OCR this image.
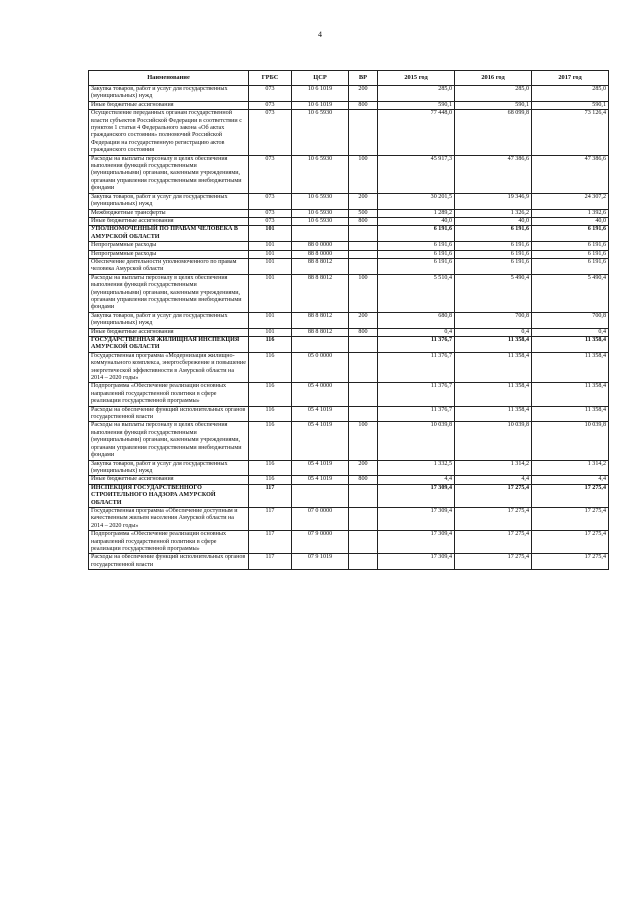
4
Наименование	ГРБС	ЦСР	ВР	2015 год	2016 год	2017 год
Закупка товаров, работ и услуг для государственных (муниципальных) нужд	073	10 6 1019	200	285,0	285,0	285,0
Иные бюджетные ассигнования	073	10 6 1019	800	590,1	590,1	590,1
Осуществление переданных органам государственной власти субъектов Российской Федерации в соответствии с пунктом 1 статьи 4 Федерального закона «Об актах гражданского состояния» полномочий Российской Федерации на государственную регистрацию актов гражданского состояния	073	10 6 5930		77 448,0	68 099,8	73 126,4
Расходы на выплаты персоналу в целях обеспечения выполнения функций государственными (муниципальными) органами, казенными учреждениями, органами управления государственными внебюджетными фондами	073	10 6 5930	100	45 917,3	47 386,6	47 386,6
Закупка товаров, работ и услуг для государственных (муниципальных) нужд	073	10 6 5930	200	30 201,5	19 346,9	24 307,2
Межбюджетные трансферты	073	10 6 5930	500	1 289,2	1 326,2	1 392,6
Иные бюджетные ассигнования	073	10 6 5930	800	40,0	40,0	40,0
УПОЛНОМОЧЕННЫЙ ПО ПРАВАМ ЧЕЛОВЕКА В АМУРСКОЙ ОБЛАСТИ	101			6 191,6	6 191,6	6 191,6
Непрограммные расходы	101	88 0 0000		6 191,6	6 191,6	6 191,6
Непрограммные расходы	101	88 8 0000		6 191,6	6 191,6	6 191,6
Обеспечение деятельности уполномоченного по правам человека Амурской области	101	88 8 8012		6 191,6	6 191,6	6 191,6
Расходы на выплаты персоналу в целях обеспечения выполнения функций государственными (муниципальными) органами, казенными учреждениями, органами управления государственными внебюджетными фондами	101	88 8 8012	100	5 510,4	5 490,4	5 490,4
Закупка товаров, работ и услуг для государственных (муниципальных) нужд	101	88 8 8012	200	680,8	700,8	700,8
Иные бюджетные ассигнования	101	88 8 8012	800	0,4	0,4	0,4
ГОСУДАРСТВЕННАЯ ЖИЛИЩНАЯ ИНСПЕКЦИЯ АМУРСКОЙ ОБЛАСТИ	116			11 376,7	11 358,4	11 358,4
Государственная программа «Модернизация жилищно-коммунального комплекса, энергосбережение и повышение энергетической эффективности в Амурской области на 2014 – 2020 годы»	116	05 0 0000		11 376,7	11 358,4	11 358,4
Подпрограмма «Обеспечение реализации основных направлений государственной политики в сфере реализации государственной программы»	116	05 4 0000		11 376,7	11 358,4	11 358,4
Расходы на обеспечение функций исполнительных органов государственной власти	116	05 4 1019		11 376,7	11 358,4	11 358,4
Расходы на выплаты персоналу в целях обеспечения выполнения функций государственными (муниципальными) органами, казенными учреждениями, органами управления государственными внебюджетными фондами	116	05 4 1019	100	10 039,8	10 039,8	10 039,8
Закупка товаров, работ и услуг для государственных (муниципальных) нужд	116	05 4 1019	200	1 332,5	1 314,2	1 314,2
Иные бюджетные ассигнования	116	05 4 1019	800	4,4	4,4	4,4
ИНСПЕКЦИЯ ГОСУДАРСТВЕННОГО СТРОИТЕЛЬНОГО НАДЗОРА АМУРСКОЙ ОБЛАСТИ	117			17 309,4	17 275,4	17 275,4
Государственная программа «Обеспечение доступным и качественным жильем населения Амурской области на 2014 – 2020 годы»	117	07 0 0000		17 309,4	17 275,4	17 275,4
Подпрограмма «Обеспечение реализации основных направлений государственной политики в сфере реализации государственной программы»	117	07 9 0000		17 309,4	17 275,4	17 275,4
Расходы на обеспечение функций исполнительных органов государственной власти	117	07 9 1019		17 309,4	17 275,4	17 275,4
